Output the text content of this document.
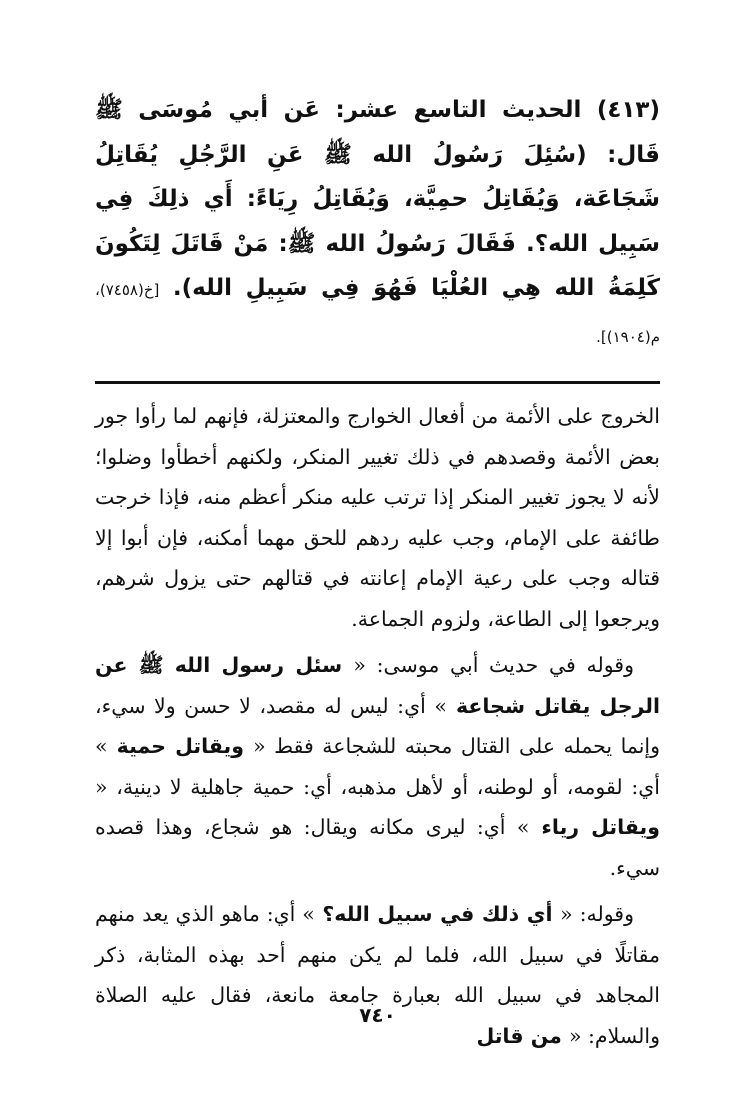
(٤١٣) الحديث التاسع عشر: عَن أبي مُوسَى ﷺ قَال: (سُئِلَ رَسُولُ الله ﷺ عَنِ الرَّجُلِ يُقَاتِلُ شَجَاعَة، وَيُقَاتِلُ حمِيَّة، وَيُقَاتِلُ رِيَاءً: أَي ذلِكَ فِي سَبِيل الله؟. فَقَالَ رَسُولُ الله ﷺ: مَنْ قَاتَلَ لِتَكُونَ كَلِمَةُ الله هِي العُلْيَا فَهُوَ فِي سَبِيلِ الله). [خ(٧٤٥٨)، م(١٩٠٤)].

الخروج على الأئمة من أفعال الخوارج والمعتزلة، فإنهم لما رأوا جور بعض الأئمة وقصدهم في ذلك تغيير المنكر، ولكنهم أخطأوا وضلوا؛ لأنه لا يجوز تغيير المنكر إذا ترتب عليه منكر أعظم منه، فإذا خرجت طائفة على الإمام، وجب عليه ردهم للحق مهما أمكنه، فإن أبوا إلا قتاله وجب على رعية الإمام إعانته في قتالهم حتى يزول شرهم، ويرجعوا إلى الطاعة، ولزوم الجماعة.

وقوله في حديث أبي موسى: « سئل رسول الله ﷺ عن الرجل يقاتل شجاعة » أي: ليس له مقصد، لا حسن ولا سيء، وإنما يحمله على القتال محبته للشجاعة فقط « ويقاتل حمية » أي: لقومه، أو لوطنه، أو لأهل مذهبه، أي: حمية جاهلية لا دينية، « ويقاتل رياء » أي: ليرى مكانه ويقال: هو شجاع، وهذا قصده سيء.

وقوله: « أي ذلك في سبيل الله؟ » أي: ماهو الذي يعد منهم مقاتلًا في سبيل الله، فلما لم يكن منهم أحد بهذه المثابة، ذكر المجاهد في سبيل الله بعبارة جامعة مانعة، فقال عليه الصلاة والسلام: « من قاتل

٧٤٠
